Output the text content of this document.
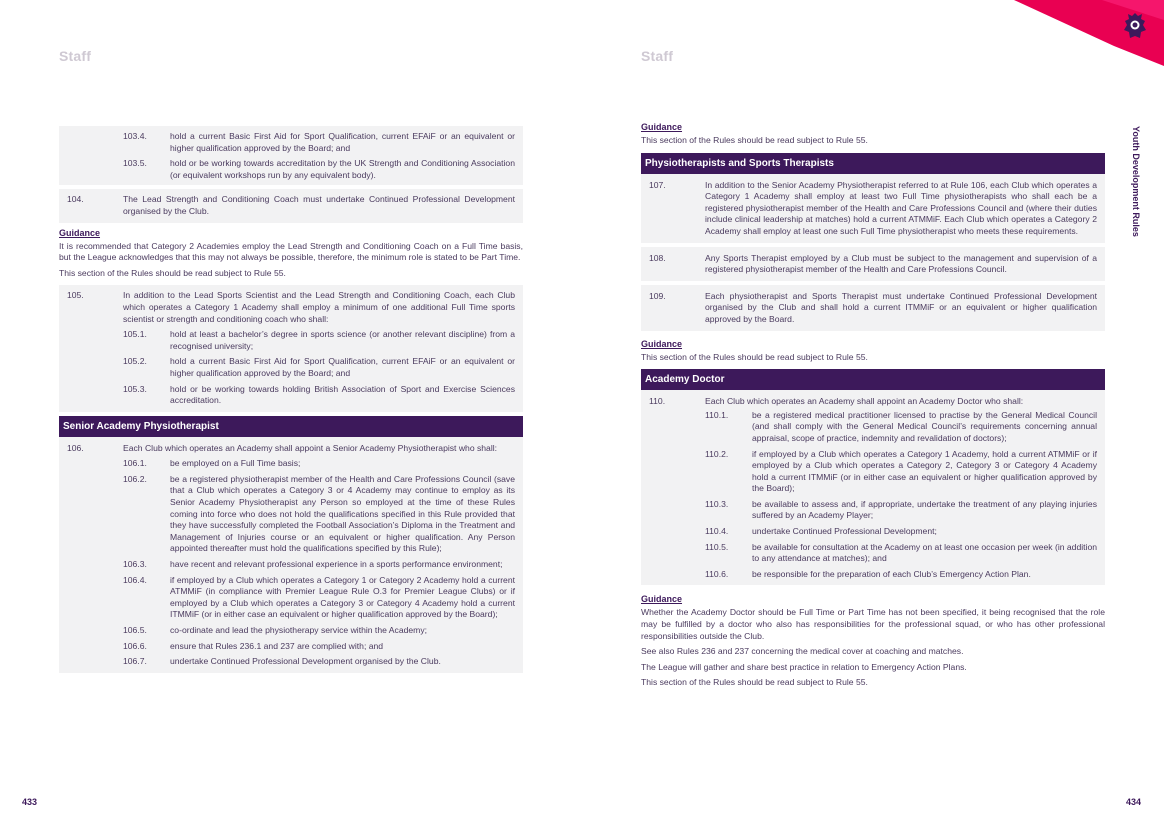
Staff
103.4.	hold a current Basic First Aid for Sport Qualification, current EFAiF or an equivalent or higher qualification approved by the Board; and
103.5.	hold or be working towards accreditation by the UK Strength and Conditioning Association (or equivalent workshops run by any equivalent body).
104.	The Lead Strength and Conditioning Coach must undertake Continued Professional Development organised by the Club.
Guidance
It is recommended that Category 2 Academies employ the Lead Strength and Conditioning Coach on a Full Time basis, but the League acknowledges that this may not always be possible, therefore, the minimum role is stated to be Part Time.
This section of the Rules should be read subject to Rule 55.
105.	In addition to the Lead Sports Scientist and the Lead Strength and Conditioning Coach, each Club which operates a Category 1 Academy shall employ a minimum of one additional Full Time sports scientist or strength and conditioning coach who shall:
105.1.	hold at least a bachelor’s degree in sports science (or another relevant discipline) from a recognised university;
105.2.	hold a current Basic First Aid for Sport Qualification, current EFAiF or an equivalent or higher qualification approved by the Board; and
105.3.	hold or be working towards holding British Association of Sport and Exercise Sciences accreditation.
Senior Academy Physiotherapist
106.	Each Club which operates an Academy shall appoint a Senior Academy Physiotherapist who shall:
106.1.	be employed on a Full Time basis;
106.2.	be a registered physiotherapist member of the Health and Care Professions Council (save that a Club which operates a Category 3 or 4 Academy may continue to employ as its Senior Academy Physiotherapist any Person so employed at the time of these Rules coming into force who does not hold the qualifications specified in this Rule provided that they have successfully completed the Football Association’s Diploma in the Treatment and Management of Injuries course or an equivalent or higher qualification. Any Person appointed thereafter must hold the qualifications specified by this Rule);
106.3.	have recent and relevant professional experience in a sports performance environment;
106.4.	if employed by a Club which operates a Category 1 or Category 2 Academy hold a current ATMMiF (in compliance with Premier League Rule O.3 for Premier League Clubs) or if employed by a Club which operates a Category 3 or Category 4 Academy hold a current ITMMiF (or in either case an equivalent or higher qualification approved by the Board);
106.5.	co-ordinate and lead the physiotherapy service within the Academy;
106.6.	ensure that Rules 236.1 and 237 are complied with; and
106.7.	undertake Continued Professional Development organised by the Club.
433
Staff
Youth Development Rules
Guidance
This section of the Rules should be read subject to Rule 55.
Physiotherapists and Sports Therapists
107.	In addition to the Senior Academy Physiotherapist referred to at Rule 106, each Club which operates a Category 1 Academy shall employ at least two Full Time physiotherapists who shall each be a registered physiotherapist member of the Health and Care Professions Council and (where their duties include clinical leadership at matches) hold a current ATMMiF. Each Club which operates a Category 2 Academy shall employ at least one such Full Time physiotherapist who meets these requirements.
108.	Any Sports Therapist employed by a Club must be subject to the management and supervision of a registered physiotherapist member of the Health and Care Professions Council.
109.	Each physiotherapist and Sports Therapist must undertake Continued Professional Development organised by the Club and shall hold a current ITMMiF or an equivalent or higher qualification approved by the Board.
Guidance
This section of the Rules should be read subject to Rule 55.
Academy Doctor
110.	Each Club which operates an Academy shall appoint an Academy Doctor who shall:
110.1.	be a registered medical practitioner licensed to practise by the General Medical Council (and shall comply with the General Medical Council’s requirements concerning annual appraisal, scope of practice, indemnity and revalidation of doctors);
110.2.	if employed by a Club which operates a Category 1 Academy, hold a current ATMMiF or if employed by a Club which operates a Category 2, Category 3 or Category 4 Academy hold a current ITMMiF (or in either case an equivalent or higher qualification approved by the Board);
110.3.	be available to assess and, if appropriate, undertake the treatment of any playing injuries suffered by an Academy Player;
110.4.	undertake Continued Professional Development;
110.5.	be available for consultation at the Academy on at least one occasion per week (in addition to any attendance at matches); and
110.6.	be responsible for the preparation of each Club’s Emergency Action Plan.
Guidance
Whether the Academy Doctor should be Full Time or Part Time has not been specified, it being recognised that the role may be fulfilled by a doctor who also has responsibilities for the professional squad, or who has other professional responsibilities outside the Club.
See also Rules 236 and 237 concerning the medical cover at coaching and matches.
The League will gather and share best practice in relation to Emergency Action Plans.
This section of the Rules should be read subject to Rule 55.
434
